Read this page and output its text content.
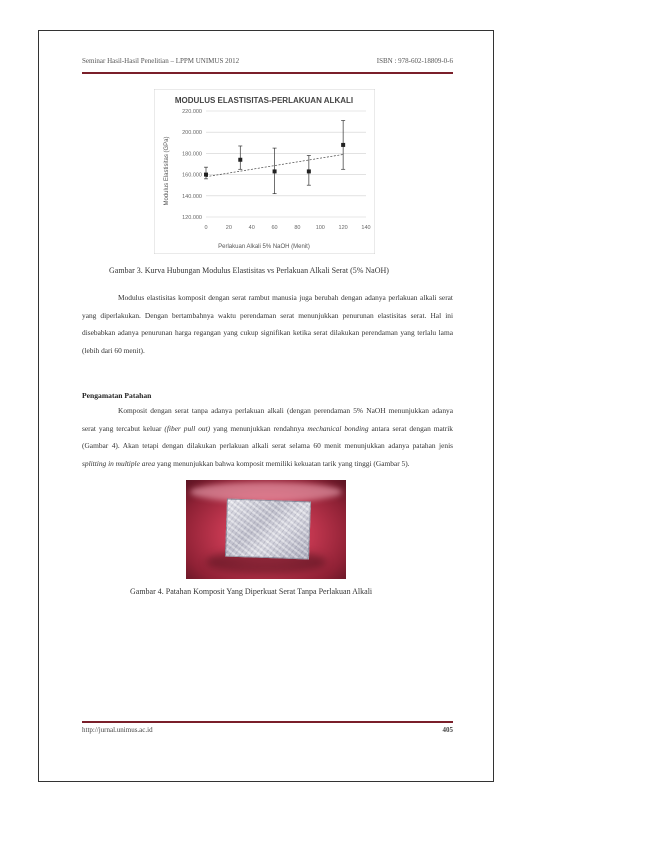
Seminar Hasil-Hasil Penelitian – LPPM UNIMUS 2012	ISBN : 978-602-18809-0-6
MODULUS ELASTISITAS-PERLAKUAN ALKALI
120.000
140.000
160.000
180.000
200.000
220.000
0	20	40	60	80	100 120 140
Perlakuan Alkali 5% NaOH (Menit)
Modulus Elastisitas (GPa)
Gambar 3. Kurva Hubungan Modulus Elastisitas vs Perlakuan Alkali Serat (5% NaOH)
Modulus elastisitas komposit dengan serat rambut manusia juga berubah dengan adanya perlakuan alkali serat yang diperlakukan. Dengan bertambahnya waktu perendaman serat menunjukkan penurunan elastisitas serat. Hal ini disebabkan adanya penurunan harga regangan yang cukup signifikan ketika serat dilakukan perendaman yang terlalu lama (lebih dari 60 menit).
Pengamatan Patahan
Komposit dengan serat tanpa adanya perlakuan alkali (dengan perendaman 5% NaOH menunjukkan adanya serat yang tercabut keluar (fiber pull out) yang menunjukkan rendahnya mechanical bonding antara serat dengan matrik (Gambar 4). Akan tetapi dengan dilakukan perlakuan alkali serat selama 60 menit menunjukkan adanya patahan jenis splitting in multiple area yang menunjukkan bahwa komposit memiliki kekuatan tarik yang tinggi (Gambar 5).
Gambar 4. Patahan Komposit Yang Diperkuat Serat Tanpa Perlakuan Alkali
http://jurnal.unimus.ac.id	405
